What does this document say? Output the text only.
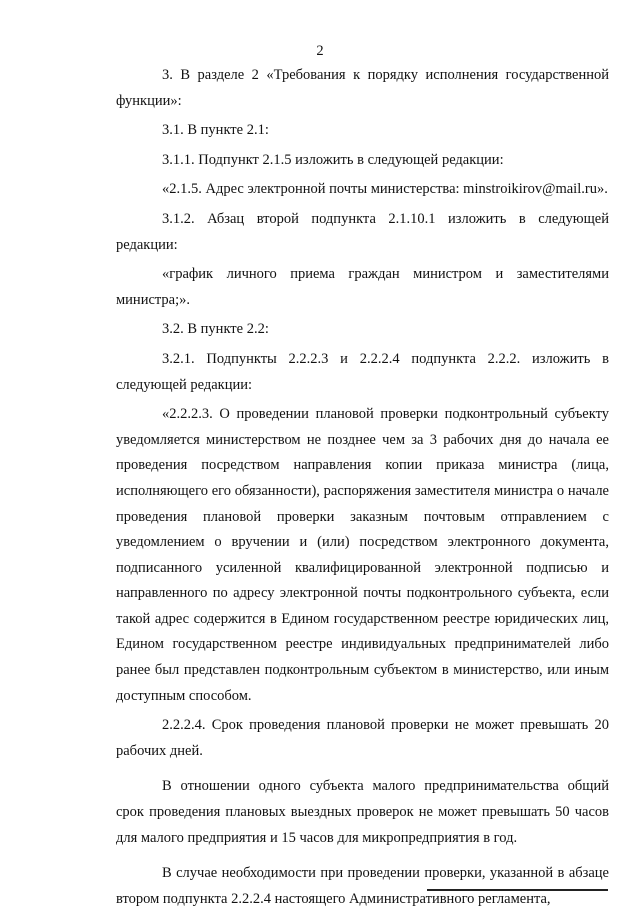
2

3. В разделе 2 «Требования к порядку исполнения государственной функции»:

3.1. В пункте 2.1:

3.1.1. Подпункт 2.1.5 изложить в следующей редакции:

«2.1.5. Адрес электронной почты министерства: minstroikirov@mail.ru».

3.1.2. Абзац второй подпункта 2.1.10.1 изложить в следующей редакции:

«график личного приема граждан министром и заместителями министра;».

3.2. В пункте 2.2:

3.2.1. Подпункты 2.2.2.3 и 2.2.2.4 подпункта 2.2.2. изложить в следующей редакции:

«2.2.2.3. О проведении плановой проверки подконтрольный субъекту уведомляется министерством не позднее чем за 3 рабочих дня до начала ее проведения посредством направления копии приказа министра (лица, исполняющего его обязанности), распоряжения заместителя министра о начале проведения плановой проверки заказным почтовым отправлением с уведомлением о вручении и (или) посредством электронного документа, подписанного усиленной квалифицированной электронной подписью и направленного по адресу электронной почты подконтрольного субъекта, если такой адрес содержится в Едином государственном реестре юридических лиц, Едином государственном реестре индивидуальных предпринимателей либо ранее был представлен подконтрольным субъектом в министерство, или иным доступным способом.

2.2.2.4. Срок проведения плановой проверки не может превышать 20 рабочих дней.

В отношении одного субъекта малого предпринимательства общий срок проведения плановых выездных проверок не может превышать 50 часов для малого предприятия и 15 часов для микропредприятия в год.

В случае необходимости при проведении проверки, указанной в абзаце втором подпункта 2.2.2.4 настоящего Административного регламента,
